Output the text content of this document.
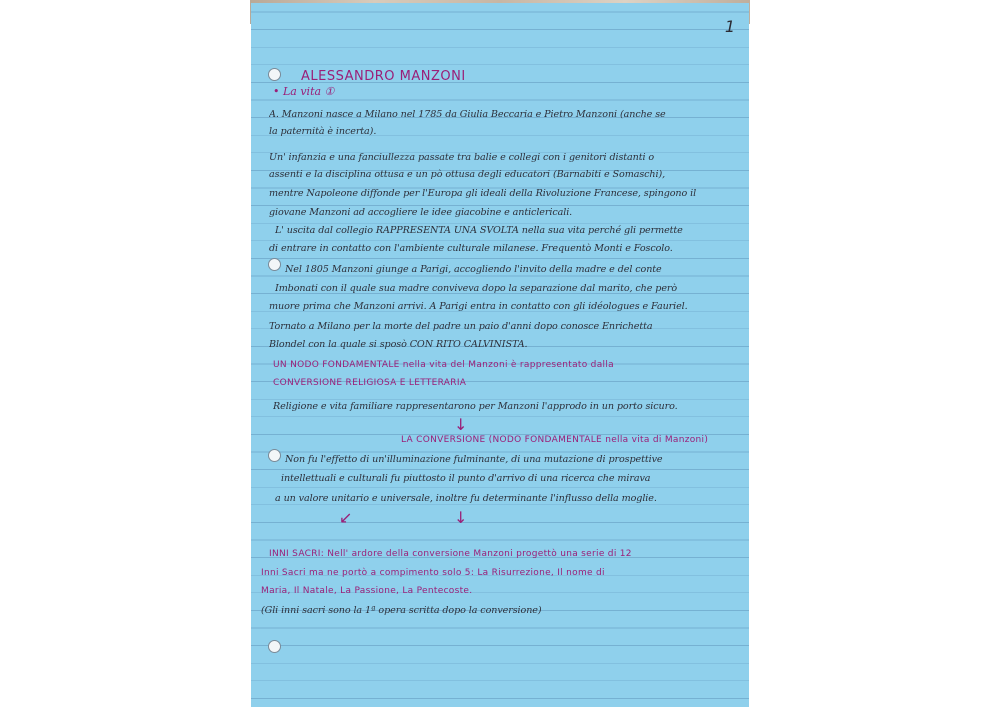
1
ALESSANDRO MANZONI
• La vita ①
A. Manzoni nasce a Milano nel 1785 da Giulia Beccaria e Pietro Manzoni (anche se
la paternità è incerta).
Un' infanzia e una fanciullezza passate tra balie e collegi con i genitori distanti o
assenti e la disciplina ottusa e un pò ottusa degli educatori (Barnabiti e Somaschi),
mentre Napoleone diffonde per l'Europa gli ideali della Rivoluzione Francese, spingono il
giovane Manzoni ad accogliere le idee giacobine e anticlericali.
L' uscita dal collegio RAPPRESENTA UNA SVOLTA nella sua vita perché gli permette
di entrare in contatto con l'ambiente culturale milanese. Frequentò Monti e Foscolo.
Nel 1805 Manzoni giunge a Parigi, accogliendo l'invito della madre e del conte
Imbonati con il quale sua madre conviveva dopo la separazione dal marito, che però
muore prima che Manzoni arrivi. A Parigi entra in contatto con gli idéologues e Fauriel.
Tornato a Milano per la morte del padre un paio d'anni dopo conosce Enrichetta
Blondel con la quale si sposò CON RITO CALVINISTA.
UN NODO FONDAMENTALE nella vita del Manzoni è rappresentato dalla
CONVERSIONE RELIGIOSA E LETTERARIA
Religione e vita familiare rappresentarono per Manzoni l'approdo in un porto sicuro.
↓
LA CONVERSIONE (NODO FONDAMENTALE nella vita di Manzoni)
Non fu l'effetto di un'illuminazione fulminante, di una mutazione di prospettive
intellettuali e culturali fu piuttosto il punto d'arrivo di una ricerca che mirava
a un valore unitario e universale, inoltre fu determinante l'influsso della moglie.
↙	↓
INNI SACRI: Nell' ardore della conversione Manzoni progettò una serie di 12
Inni Sacri ma ne portò a compimento solo 5: La Risurrezione, Il nome di
Maria, Il Natale, La Passione, La Pentecoste.
(Gli inni sacri sono la 1ª opera scritta dopo la conversione)
